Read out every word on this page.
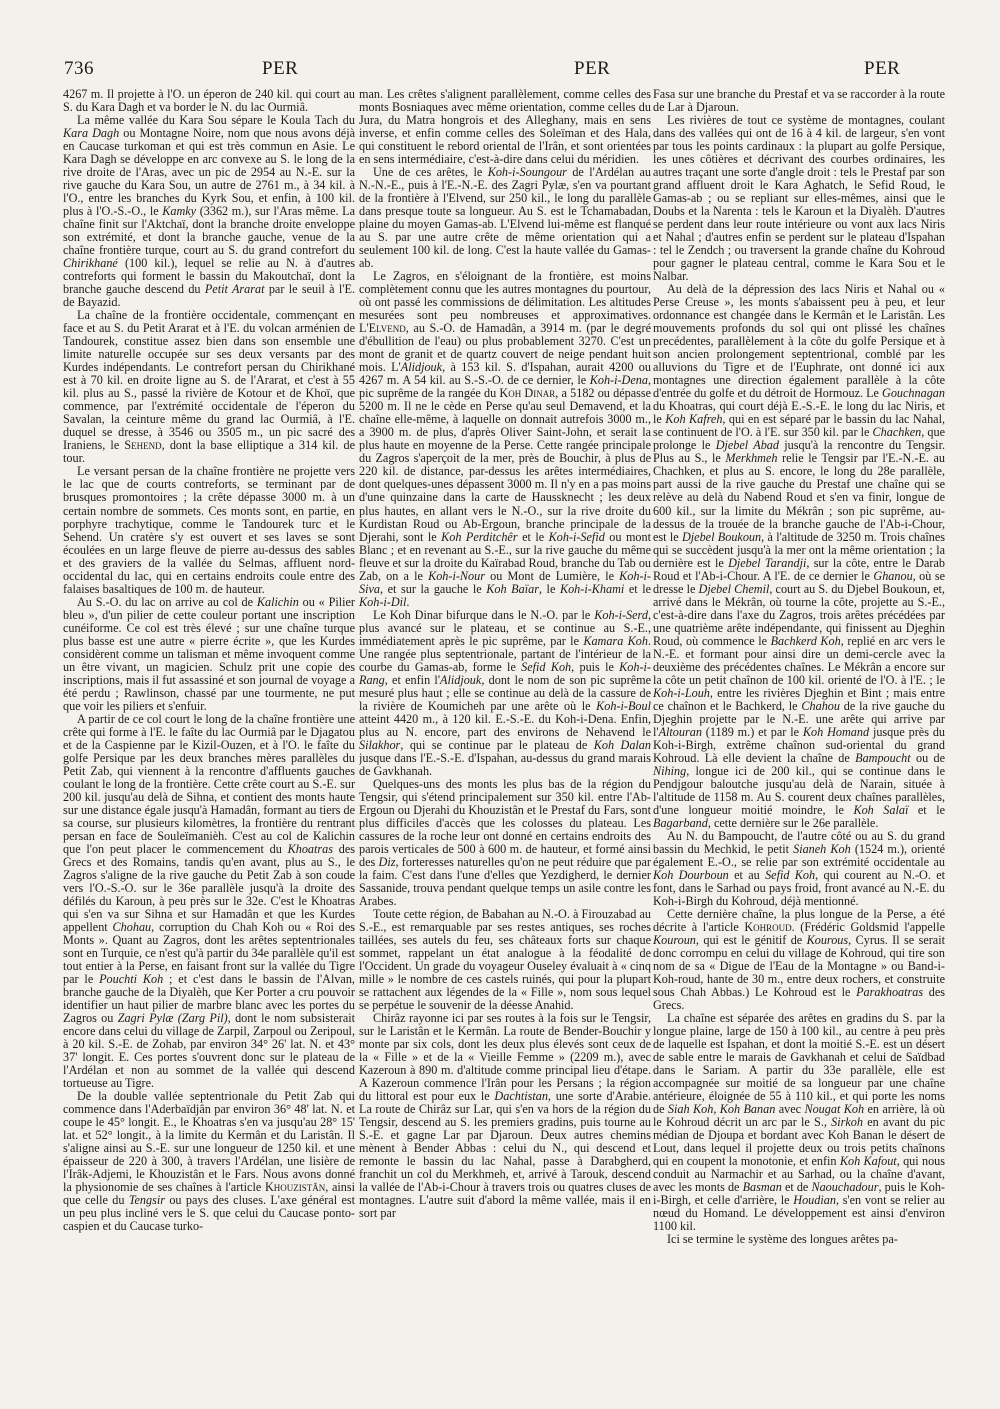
736	PER	PER	PER

4267 m. Il projette à l'O. un éperon de 240 kil. qui court au S. du Kara Dagh et va border le N. du lac Ourmiâ.

La même vallée du Kara Sou sépare le Koula Tach du Kara Dagh ou Montagne Noire, nom que nous avons déjà en Caucase turkoman et qui est très commun en Asie. Le Kara Dagh se développe en arc convexe au S. le long de la rive droite de l'Aras, avec un pic de 2954 au N.-E. sur la rive gauche du Kara Sou, un autre de 2761 m., à 34 kil. à l'O., entre les branches du Kyrk Sou, et enfin, à 100 kil. plus à l'O.-S.-O., le Kamky (3362 m.), sur l'Aras même. La chaîne finit sur l'Aktchaï, dont la branche droite enveloppe son extrémité, et dont la branche gauche, venue de la chaîne frontière turque, court au S. du grand contrefort du Chirikhané (100 kil.), lequel se relie au N. à d'autres contreforts qui forment le bassin du Makoutchaï, dont la branche gauche descend du Petit Ararat par le seuil à l'E. de Bayazid.

La chaîne de la frontière occidentale, commençant en face et au S. du Petit Ararat et à l'E. du volcan arménien de Tandourek, constitue assez bien dans son ensemble une limite naturelle occupée sur ses deux versants par des Kurdes indépendants. Le contrefort persan du Chirikhané est à 70 kil. en droite ligne au S. de l'Ararat, et c'est à 55 kil. plus au S., passé la rivière de Kotour et de Khoï, que commence, par l'extrémité occidentale de l'éperon du Savalan, la ceinture même du grand lac Ourmiâ, à l'E. duquel se dresse, à 3546 ou 3505 m., un pic sacré des Iraniens, le Sehend, dont la base elliptique a 314 kil. de tour.

Le versant persan de la chaîne frontière ne projette vers le lac que de courts contreforts, se terminant par de brusques promontoires ; la crête dépasse 3000 m. à un certain nombre de sommets. Ces monts sont, en partie, en porphyre trachytique, comme le Tandourek turc et le Sehend. Un cratère s'y est ouvert et ses laves se sont écoulées en un large fleuve de pierre au-dessus des sables et des graviers de la vallée du Selmas, affluent nord-occidental du lac, qui en certains endroits coule entre des falaises basaltiques de 100 m. de hauteur.

Au S.-O. du lac on arrive au col de Kalichin ou « Pilier bleu », d'un pilier de cette couleur portant une inscription cunéiforme. Ce col est très élevé ; sur une chaîne turque plus basse est une autre « pierre écrite », que les Kurdes considèrent comme un talisman et même invoquent comme un être vivant, un magicien. Schulz prit une copie des inscriptions, mais il fut assassiné et son journal de voyage a été perdu ; Rawlinson, chassé par une tourmente, ne put que voir les piliers et s'enfuir.

A partir de ce col court le long de la chaîne frontière une crête qui forme à l'E. le faîte du lac Ourmiâ par le Djagatou et de la Caspienne par le Kizil-Ouzen, et à l'O. le faîte du golfe Persique par les deux branches mères parallèles du Petit Zab, qui viennent à la rencontre d'affluents gauches coulant le long de la frontière. Cette crête court au S.-E. sur 200 kil. jusqu'au delà de Sihna, et contient des monts haute sur une distance égale jusqu'à Hamadân, formant au tiers de sa course, sur plusieurs kilomètres, la frontière du rentrant persan en face de Souleïmanièh. C'est au col de Kalichin que l'on peut placer le commencement du Khoatras des Grecs et des Romains, tandis qu'en avant, plus au S., le Zagros s'aligne de la rive gauche du Petit Zab à son coude vers l'O.-S.-O. sur le 36e parallèle jusqu'à la droite des défilés du Karoun, à peu près sur le 32e. C'est le Khoatras qui s'en va sur Sihna et sur Hamadân et que les Kurdes appellent Chohau, corruption du Chah Koh ou « Roi des Monts ». Quant au Zagros, dont les arêtes septentrionales sont en Turquie, ce n'est qu'à partir du 34e parallèle qu'il est tout entier à la Perse, en faisant front sur la vallée du Tigre par le Pouchti Koh ; et c'est dans le bassin de l'Alvan, branche gauche de la Diyalèh, que Ker Porter a cru pouvoir identifier un haut pilier de marbre blanc avec les portes du Zagros ou Zagri Pylæ (Zarg Pil), dont le nom subsisterait encore dans celui du village de Zarpil, Zarpoul ou Zeripoul, à 20 kil. S.-E. de Zohab, par environ 34° 26' lat. N. et 43° 37' longit. E. Ces portes s'ouvrent donc sur le plateau de l'Ardélan et non au sommet de la vallée qui descend tortueuse au Tigre.

De la double vallée septentrionale du Petit Zab qui commence dans l'Aderbaïdjân par environ 36° 48' lat. N. et coupe le 45° longit. E., le Khoatras s'en va jusqu'au 28° 15' lat. et 52° longit., à la limite du Kermân et du Laristân. Il s'aligne ainsi au S.-E. sur une longueur de 1250 kil. et une épaisseur de 220 à 300, à travers l'Ardélan, une lisière de l'Irâk-Adjemi, le Khouzistân et le Fars. Nous avons donné la physionomie de ses chaînes à l'article Khouzistân, ainsi que celle du Tengsir ou pays des cluses. L'axe général est un peu plus incliné vers le S. que celui du Caucase ponto-caspien et du Caucase turko-

man. Les crêtes s'alignent parallèlement, comme celles des monts Bosniaques avec même orientation, comme celles du Jura, du Matra hongrois et des Alleghany, mais en sens inverse, et enfin comme celles des Soleïman et des Hala, qui constituent le rebord oriental de l'Irân, et sont orientées en sens intermédiaire, c'est-à-dire dans celui du méridien.

Une de ces arêtes, le Koh-i-Soungour de l'Ardélan au N.-N.-E., puis à l'E.-N.-E. des Zagri Pylæ, s'en va pourtant de la frontière à l'Elvend, sur 250 kil., le long du parallèle dans presque toute sa longueur. Au S. est le Tchamabadan, plaine du moyen Gamas-ab. L'Elvend lui-même est flanqué au S. par une autre crête de même orientation qui a seulement 100 kil. de long. C'est la haute vallée du Gamas-ab.

Le Zagros, en s'éloignant de la frontière, est moins complètement connu que les autres montagnes du pourtour, où ont passé les commissions de délimitation. Les altitudes mesurées sont peu nombreuses et approximatives. L'Elvend, au S.-O. de Hamadân, a 3914 m. (par le degré d'ébullition de l'eau) ou plus probablement 3270. C'est un mont de granit et de quartz couvert de neige pendant huit mois. L'Alidjouk, à 153 kil. S. d'Ispahan, aurait 4200 ou 4267 m. A 54 kil. au S.-S.-O. de ce dernier, le Koh-i-Dena, pic suprême de la rangée du Koh Dinar, a 5182 ou dépasse 5200 m. Il ne le cède en Perse qu'au seul Demavend, et la chaîne elle-même, à laquelle on donnait autrefois 3000 m., a 3900 m. de plus, d'après Oliver Saint-John, et serait la plus haute en moyenne de la Perse. Cette rangée principale du Zagros s'aperçoit de la mer, près de Bouchir, à plus de 220 kil. de distance, par-dessus les arêtes intermédiaires, dont quelques-unes dépassent 3000 m. Il n'y en a pas moins d'une quinzaine dans la carte de Haussknecht ; les deux plus hautes, en allant vers le N.-O., sur la rive droite du Kurdistan Roud ou Ab-Ergoun, branche principale de la Djerahi, sont le Koh Perditchêr et le Koh-i-Sefid ou mont Blanc ; et en revenant au S.-E., sur la rive gauche du même fleuve et sur la droite du Kaïrabad Roud, branche du Tab ou Zab, on a le Koh-i-Nour ou Mont de Lumière, le Koh-i-Siva, et sur la gauche le Koh Baïar, le Koh-i-Khami et le Koh-i-Dil.

Le Koh Dinar bifurque dans le N.-O. par le Koh-i-Serd, plus avancé sur le plateau, et se continue au S.-E., immédiatement après le pic suprême, par le Kamara Koh. Une rangée plus septentrionale, partant de l'intérieur de la courbe du Gamas-ab, forme le Sefid Koh, puis le Koh-i-Rang, et enfin l'Alidjouk, dont le nom de son pic suprême mesuré plus haut ; elle se continue au delà de la cassure de la rivière de Koumicheh par une arête où le Koh-i-Boul atteint 4420 m., à 120 kil. E.-S.-E. du Koh-i-Dena. Enfin, plus au N. encore, part des environs de Nehavend le Silakhor, qui se continue par le plateau de Koh Dalan jusque dans l'E.-S.-E. d'Ispahan, au-dessus du grand marais de Gavkhanah.

Quelques-uns des monts les plus bas de la région du Tengsir, qui s'étend principalement sur 350 kil. entre l'Ab-Ergoun ou Djerahi du Khouzistân et le Prestaf du Fars, sont plus difficiles d'accès que les colosses du plateau. Les cassures de la roche leur ont donné en certains endroits des parois verticales de 500 à 600 m. de hauteur, et formé ainsi des Diz, forteresses naturelles qu'on ne peut réduire que par la faim. C'est dans l'une d'elles que Yezdigherd, le dernier Sassanide, trouva pendant quelque temps un asile contre les Arabes.

Toute cette région, de Babahan au N.-O. à Firouzabad au S.-E., est remarquable par ses restes antiques, ses roches taillées, ses autels du feu, ses châteaux forts sur chaque sommet, rappelant un état analogue à la féodalité de l'Occident. Un grade du voyageur Ouseley évaluait à « cinq mille » le nombre de ces castels ruinés, qui pour la plupart se rattachent aux légendes de la « Fille », nom sous lequel se perpétue le souvenir de la déesse Anahid.

Chirâz rayonne ici par ses routes à la fois sur le Tengsir, sur le Laristân et le Kermân. La route de Bender-Bouchir y monte par six cols, dont les deux plus élevés sont ceux de la « Fille » et de la « Vieille Femme » (2209 m.), avec Kazeroun à 890 m. d'altitude comme principal lieu d'étape. A Kazeroun commence l'Irân pour les Persans ; la région du littoral est pour eux le Dachtistan, une sorte d'Arabie. La route de Chirâz sur Lar, qui s'en va hors de la région du Tengsir, descend au S. les premiers gradins, puis tourne au S.-E. et gagne Lar par Djaroun. Deux autres chemins mènent à Bender Abbas : celui du N., qui descend et remonte le bassin du lac Nahal, passe à Darabgherd, franchit un col du Merkhmeh, et, arrivé à Tarouk, descend la vallée de l'Ab-i-Chour à travers trois ou quatres cluses de montagnes. L'autre suit d'abord la même vallée, mais il en sort par

Fasa sur une branche du Prestaf et va se raccorder à la route de Lar à Djaroun.

Les rivières de tout ce système de montagnes, coulant dans des vallées qui ont de 16 à 4 kil. de largeur, s'en vont par tous les points cardinaux : la plupart au golfe Persique, les unes côtières et décrivant des courbes ordinaires, les autres traçant une sorte d'angle droit : tels le Prestaf par son grand affluent droit le Kara Aghatch, le Sefid Roud, le Gamas-ab ; ou se repliant sur elles-mêmes, ainsi que le Doubs et la Narenta : tels le Karoun et la Diyalèh. D'autres se perdent dans leur route intérieure ou vont aux lacs Niris et Nahal ; d'autres enfin se perdent sur le plateau d'Ispahan : tel le Zendch ; ou traversent la grande chaîne du Kohroud pour gagner le plateau central, comme le Kara Sou et le Nalbar.

Au delà de la dépression des lacs Niris et Nahal ou « Perse Creuse », les monts s'abaissent peu à peu, et leur ordonnance est changée dans le Kermân et le Laristân. Les mouvements profonds du sol qui ont plissé les chaînes precédentes, parallèlement à la côte du golfe Persique et à son ancien prolongement septentrional, comblé par les alluvions du Tigre et de l'Euphrate, ont donné ici aux montagnes une direction également parallèle à la côte d'entrée du golfe et du détroit de Hormouz. Le Gouchnagan du Khoatras, qui court déjà E.-S.-E. le long du lac Niris, et le Koh Kafreh, qui en est séparé par le bassin du lac Nahal, se continuent de l'O. à l'E. sur 350 kil. par le Chachken, que prolonge le Djebel Abad jusqu'à la rencontre du Tengsir. Plus au S., le Merkhmeh relie le Tengsir par l'E.-N.-E. au Chachken, et plus au S. encore, le long du 28e parallèle, part aussi de la rive gauche du Prestaf une chaîne qui se relève au delà du Nabend Roud et s'en va finir, longue de 600 kil., sur la limite du Mékrân ; son pic suprême, au-dessus de la trouée de la branche gauche de l'Ab-i-Chour, est le Djebel Boukoun, à l'altitude de 3250 m. Trois chaînes qui se succèdent jusqu'à la mer ont la même orientation ; la dernière est le Djebel Tarandji, sur la côte, entre le Darab Roud et l'Ab-i-Chour. A l'E. de ce dernier le Ghanou, où se dresse le Djebel Chemil, court au S. du Djebel Boukoun, et, arrivé dans le Mékrân, où tourne la côte, projette au S.-E., c'est-à-dire dans l'axe du Zagros, trois arêtes précédées par une quatrième arête indépendante, qui finissent au Djeghin Roud, où commence le Bachkerd Koh, replié en arc vers le N.-E. et formant pour ainsi dire un demi-cercle avec la deuxième des précédentes chaînes. Le Mékrân a encore sur la côte un petit chaînon de 100 kil. orienté de l'O. à l'E. ; le Koh-i-Louh, entre les rivières Djeghin et Bint ; mais entre ce chaînon et le Bachkerd, le Chahou de la rive gauche du Djeghin projette par le N.-E. une arête qui arrive par l'Altouran (1189 m.) et par le Koh Homand jusque près du Koh-i-Birgh, extrême chaînon sud-oriental du grand Kohroud. Là elle devient la chaîne de Bampoucht ou de Nihing, longue ici de 200 kil., qui se continue dans le Pendjgour baloutche jusqu'au delà de Narain, située à l'altitude de 1158 m. Au S. courent deux chaînes parallèles, d'une longueur moitié moindre, le Koh Salaï et le Bagarband, cette dernière sur le 26e parallèle.

Au N. du Bampoucht, de l'autre côté ou au S. du grand bassin du Mechkid, le petit Sianeh Koh (1524 m.), orienté également E.-O., se relie par son extrémité occidentale au Koh Dourboun et au Sefid Koh, qui courent au N.-O. et font, dans le Sarhad ou pays froid, front avancé au N.-E. du Koh-i-Birgh du Kohroud, déjà mentionné.

Cette dernière chaîne, la plus longue de la Perse, a été décrite à l'article Kohroud. (Frédéric Goldsmid l'appelle Kouroun, qui est le génitif de Kourous, Cyrus. Il se serait donc corrompu en celui du village de Kohroud, qui tire son nom de sa « Digue de l'Eau de la Montagne » ou Band-i-Koh-roud, hante de 30 m., entre deux rochers, et construite sous Chah Abbas.) Le Kohroud est le Parakhoatras des Grecs.

La chaîne est séparée des arêtes en gradins du S. par la longue plaine, large de 150 à 100 kil., au centre à peu près de laquelle est Ispahan, et dont la moitié S.-E. est un désert de sable entre le marais de Gavkhanah et celui de Saïdbad dans le Sariam. A partir du 33e parallèle, elle est accompagnée sur moitié de sa longueur par une chaîne antérieure, éloignée de 55 à 110 kil., et qui porte les noms de Siah Koh, Koh Banan avec Nougat Koh en arrière, là où le Kohroud décrit un arc par le S., Sirkoh en avant du pic médian de Djoupa et bordant avec Koh Banan le désert de Lout, dans lequel il projette deux ou trois petits chaînons qui en coupent la monotonie, et enfin Koh Kafout, qui nous conduit au Narmachir et au Sarhad, ou la chaîne d'avant, avec les monts de Basman et de Naouchadour, puis le Koh-i-Birgh, et celle d'arrière, le Houdian, s'en vont se relier au nœud du Homand. Le développement est ainsi d'environ 1100 kil.

Ici se termine le système des longues arêtes pa-
